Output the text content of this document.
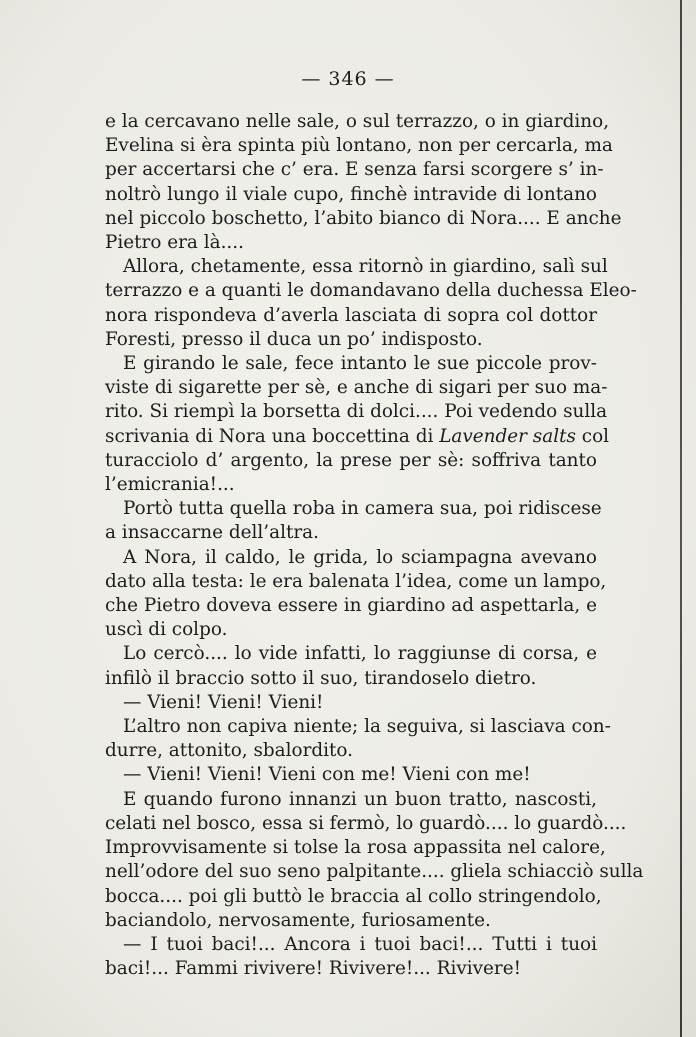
— 346 —
e la cercavano nelle sale, o sul terrazzo, o in giardino,
Evelina si èra spinta più lontano, non per cercarla, ma
per accertarsi che c’ era. E senza farsi scorgere s’ in-
noltrò lungo il viale cupo, finchè intravide di lontano
nel piccolo boschetto, l’abito bianco di Nora.... E anche
Pietro era là....
Allora, chetamente, essa ritornò in giardino, salì sul
terrazzo e a quanti le domandavano della duchessa Eleo-
nora rispondeva d’averla lasciata di sopra col dottor
Foresti, presso il duca un po’ indisposto.
E girando le sale, fece intanto le sue piccole prov-
viste di sigarette per sè, e anche di sigari per suo ma-
rito. Si riempì la borsetta di dolci.... Poi vedendo sulla
scrivania di Nora una boccettina di Lavender salts col
turacciolo d’ argento, la prese per sè: soffriva tanto
l’emicrania!...
Portò tutta quella roba in camera sua, poi ridiscese
a insaccarne dell’altra.
A Nora, il caldo, le grida, lo sciampagna avevano
dato alla testa: le era balenata l’idea, come un lampo,
che Pietro doveva essere in giardino ad aspettarla, e
uscì di colpo.
Lo cercò.... lo vide infatti, lo raggiunse di corsa, e
infilò il braccio sotto il suo, tirandoselo dietro.
— Vieni! Vieni! Vieni!
L’altro non capiva niente; la seguiva, si lasciava con-
durre, attonito, sbalordito.
— Vieni! Vieni! Vieni con me! Vieni con me!
E quando furono innanzi un buon tratto, nascosti,
celati nel bosco, essa si fermò, lo guardò.... lo guardò....
Improvvisamente si tolse la rosa appassita nel calore,
nell’odore del suo seno palpitante.... gliela schiacciò sulla
bocca.... poi gli buttò le braccia al collo stringendolo,
baciandolo, nervosamente, furiosamente.
— I tuoi baci!... Ancora i tuoi baci!... Tutti i tuoi
baci!... Fammi rivivere! Rivivere!... Rivivere!
